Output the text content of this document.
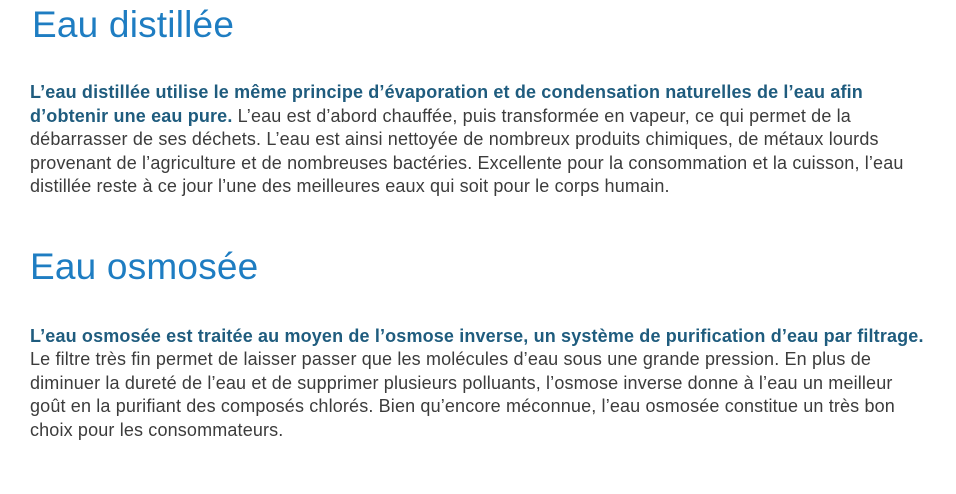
Eau distillée

L’eau distillée utilise le même principe d’évaporation et de condensation naturelles de l’eau afin d’obtenir une eau pure. L’eau est d’abord chauffée, puis transformée en vapeur, ce qui permet de la débarrasser de ses déchets. L’eau est ainsi nettoyée de nombreux produits chimiques, de métaux lourds provenant de l’agriculture et de nombreuses bactéries. Excellente pour la consommation et la cuisson, l’eau distillée reste à ce jour l’une des meilleures eaux qui soit pour le corps humain.

Eau osmosée

L’eau osmosée est traitée au moyen de l’osmose inverse, un système de purification d’eau par filtrage. Le filtre très fin permet de laisser passer que les molécules d’eau sous une grande pression. En plus de diminuer la dureté de l’eau et de supprimer plusieurs polluants, l’osmose inverse donne à l’eau un meilleur goût en la purifiant des composés chlorés. Bien qu’encore méconnue, l’eau osmosée constitue un très bon choix pour les consommateurs.
